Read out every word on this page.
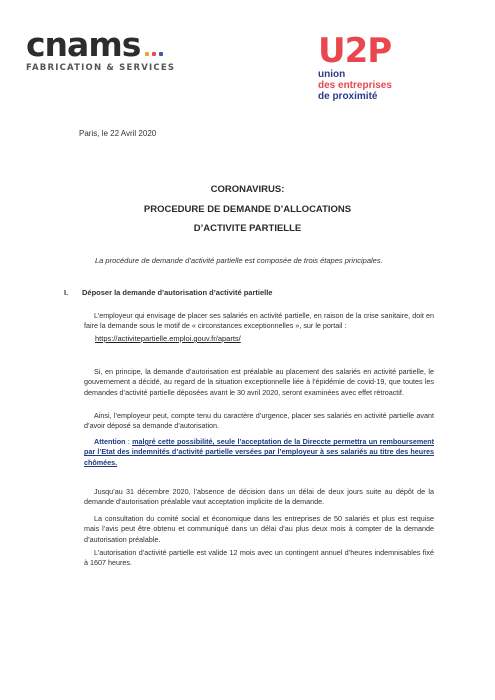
cnams
FABRICATION & SERVICES	U2P
union
des entreprises
de proximité
Paris, le 22 Avril 2020
CORONAVIRUS:
PROCEDURE DE DEMANDE D’ALLOCATIONS
D’ACTIVITE PARTIELLE
La procédure de demande d’activité partielle est composée de trois étapes principales.
I. Déposer la demande d’autorisation d’activité partielle
L’employeur qui envisage de placer ses salariés en activité partielle, en raison de la crise sanitaire, doit en faire la demande sous le motif de « circonstances exceptionnelles », sur le portail :
https://activitepartielle.emploi.gouv.fr/aparts/
Si, en principe, la demande d’autorisation est préalable au placement des salariés en activité partielle, le gouvernement a décidé, au regard de la situation exceptionnelle liée à l’épidémie de covid-19, que toutes les demandes d’activité partielle déposées avant le 30 avril 2020, seront examinées avec effet rétroactif.
Ainsi, l’employeur peut, compte tenu du caractère d’urgence, placer ses salariés en activité partielle avant d’avoir déposé sa demande d’autorisation.
Attention : malgré cette possibilité, seule l’acceptation de la Direccte permettra un remboursement par l’Etat des indemnités d’activité partielle versées par l’employeur à ses salariés au titre des heures chômées.
Jusqu’au 31 décembre 2020, l’absence de décision dans un délai de deux jours suite au dépôt de la demande d’autorisation préalable vaut acceptation implicite de la demande.
La consultation du comité social et économique dans les entreprises de 50 salariés et plus est requise mais l’avis peut être obtenu et communiqué dans un délai d’au plus deux mois à compter de la demande d’autorisation préalable.
L’autorisation d’activité partielle est valide 12 mois avec un contingent annuel d’heures indemnisables fixé à 1607 heures.
